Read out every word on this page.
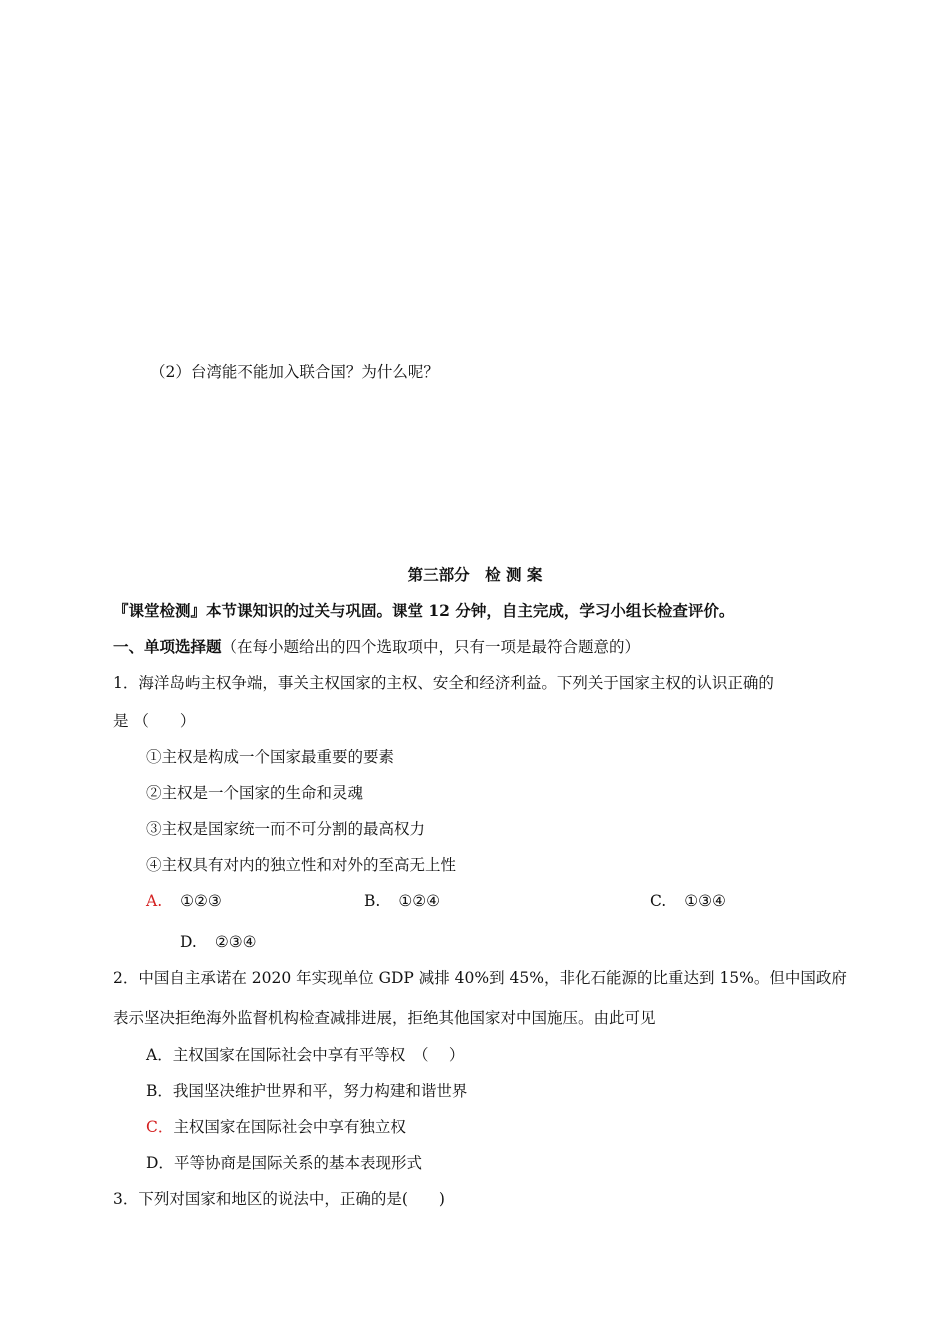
（2）台湾能不能加入联合国？为什么呢？
第三部分　检 测 案
『课堂检测』本节课知识的过关与巩固。课堂 12 分钟，自主完成，学习小组长检查评价。
一、单项选择题（在每小题给出的四个选取项中，只有一项是最符合题意的）
1．海洋岛屿主权争端，事关主权国家的主权、安全和经济利益。下列关于国家主权的认识正确的
是 （　　）
①主权是构成一个国家最重要的要素
②主权是一个国家的生命和灵魂
③主权是国家统一而不可分割的最高权力
④主权具有对内的独立性和对外的至高无上性
A. ①②③	B. ①②④	C. ①③④
D. ②③④
2．中国自主承诺在 2020 年实现单位 GDP 减排 40%到 45%，非化石能源的比重达到 15%。但中国政府
表示坚决拒绝海外监督机构检查减排进展，拒绝其他国家对中国施压。由此可见
A．主权国家在国际社会中享有平等权　（　 ）
B．我国坚决维护世界和平，努力构建和谐世界
C．主权国家在国际社会中享有独立权
D．平等协商是国际关系的基本表现形式
3．下列对国家和地区的说法中，正确的是(　　)
